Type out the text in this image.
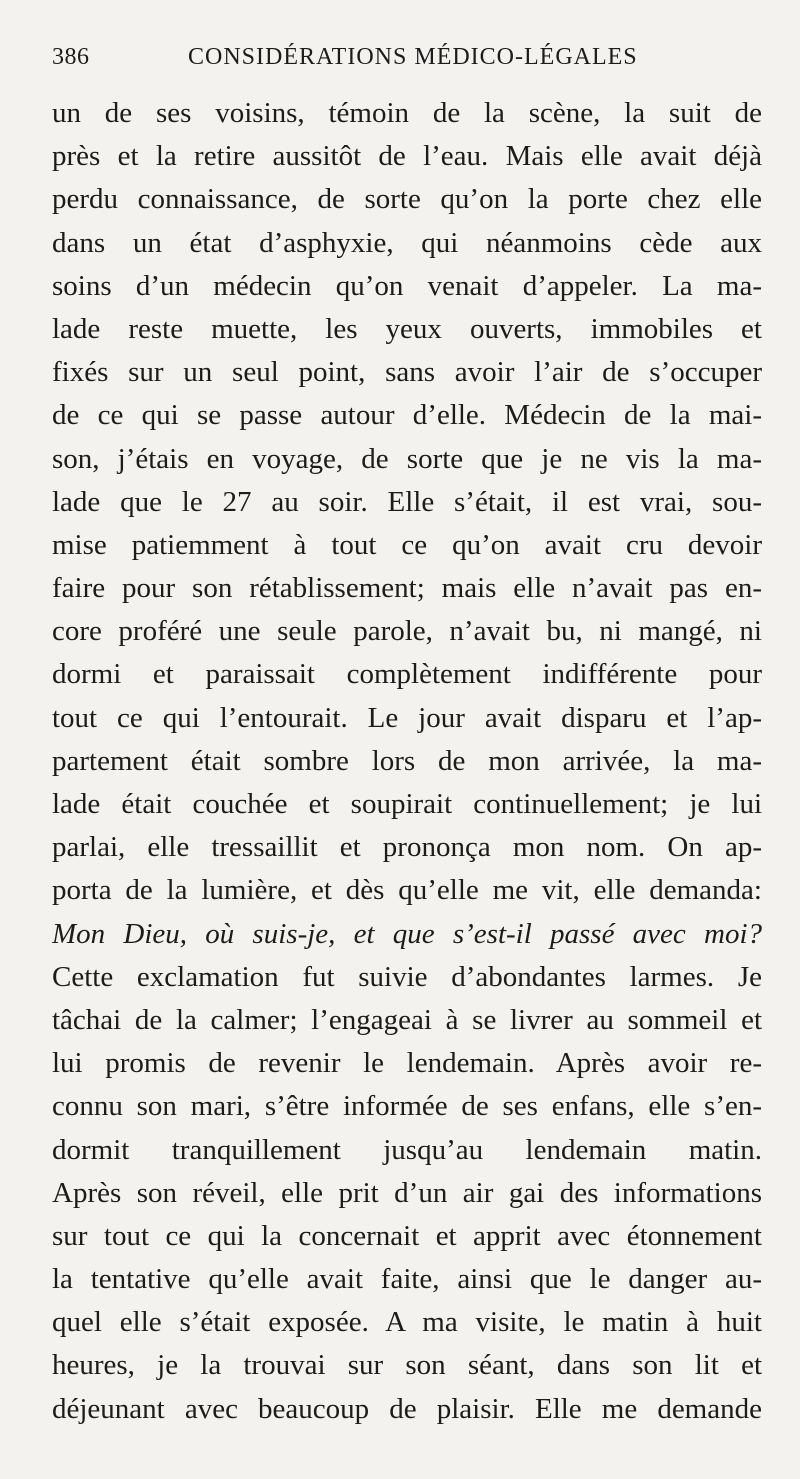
386	CONSIDÉRATIONS MÉDICO-LÉGALES
un de ses voisins, témoin de la scène, la suit de
près et la retire aussitôt de l’eau. Mais elle avait déjà
perdu connaissance, de sorte qu’on la porte chez elle
dans un état d’asphyxie, qui néanmoins cède aux
soins d’un médecin qu’on venait d’appeler. La ma-
lade reste muette, les yeux ouverts, immobiles et
fixés sur un seul point, sans avoir l’air de s’occuper
de ce qui se passe autour d’elle. Médecin de la mai-
son, j’étais en voyage, de sorte que je ne vis la ma-
lade que le 27 au soir. Elle s’était, il est vrai, sou-
mise patiemment à tout ce qu’on avait cru devoir
faire pour son rétablissement; mais elle n’avait pas en-
core proféré une seule parole, n’avait bu, ni mangé, ni
dormi et paraissait complètement indifférente pour
tout ce qui l’entourait. Le jour avait disparu et l’ap-
partement était sombre lors de mon arrivée, la ma-
lade était couchée et soupirait continuellement; je lui
parlai, elle tressaillit et prononça mon nom. On ap-
porta de la lumière, et dès qu’elle me vit, elle demanda:
Mon Dieu, où suis-je, et que s’est-il passé avec moi?
Cette exclamation fut suivie d’abondantes larmes. Je
tâchai de la calmer; l’engageai à se livrer au sommeil et
lui promis de revenir le lendemain. Après avoir re-
connu son mari, s’être informée de ses enfans, elle s’en-
dormit tranquillement jusqu’au lendemain matin.
Après son réveil, elle prit d’un air gai des informations
sur tout ce qui la concernait et apprit avec étonnement
la tentative qu’elle avait faite, ainsi que le danger au-
quel elle s’était exposée. A ma visite, le matin à huit
heures, je la trouvai sur son séant, dans son lit et
déjeunant avec beaucoup de plaisir. Elle me demande
